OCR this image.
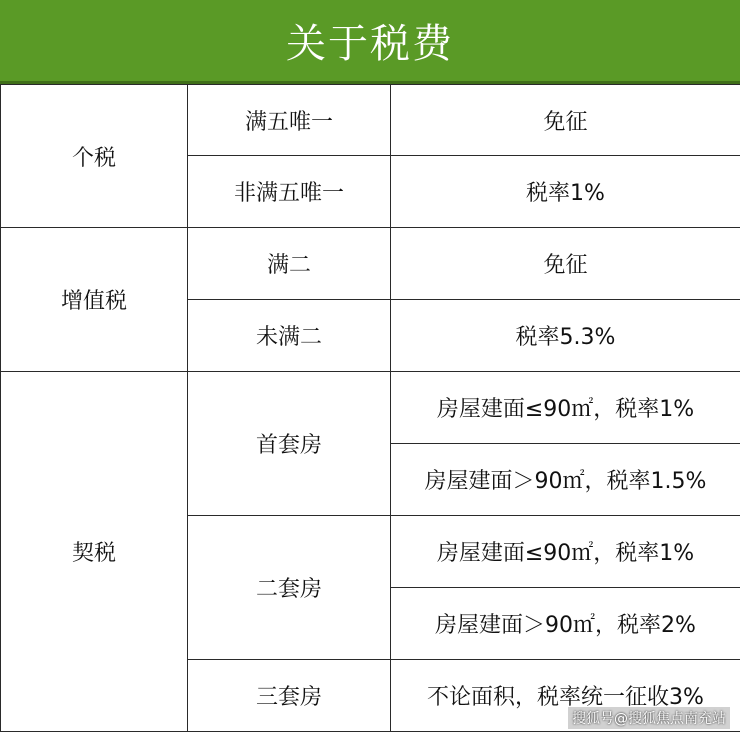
关于税费
个税	满五唯一	免征
	非满五唯一	税率1%
增值税	满二	免征
	未满二	税率5.3%
契税	首套房	房屋建面≤90㎡，税率1%
		房屋建面＞90㎡，税率1.5%
	二套房	房屋建面≤90㎡，税率1%
		房屋建面＞90㎡，税率2%
	三套房	不论面积，税率统一征收3%
搜狐号@搜狐焦点南充站
